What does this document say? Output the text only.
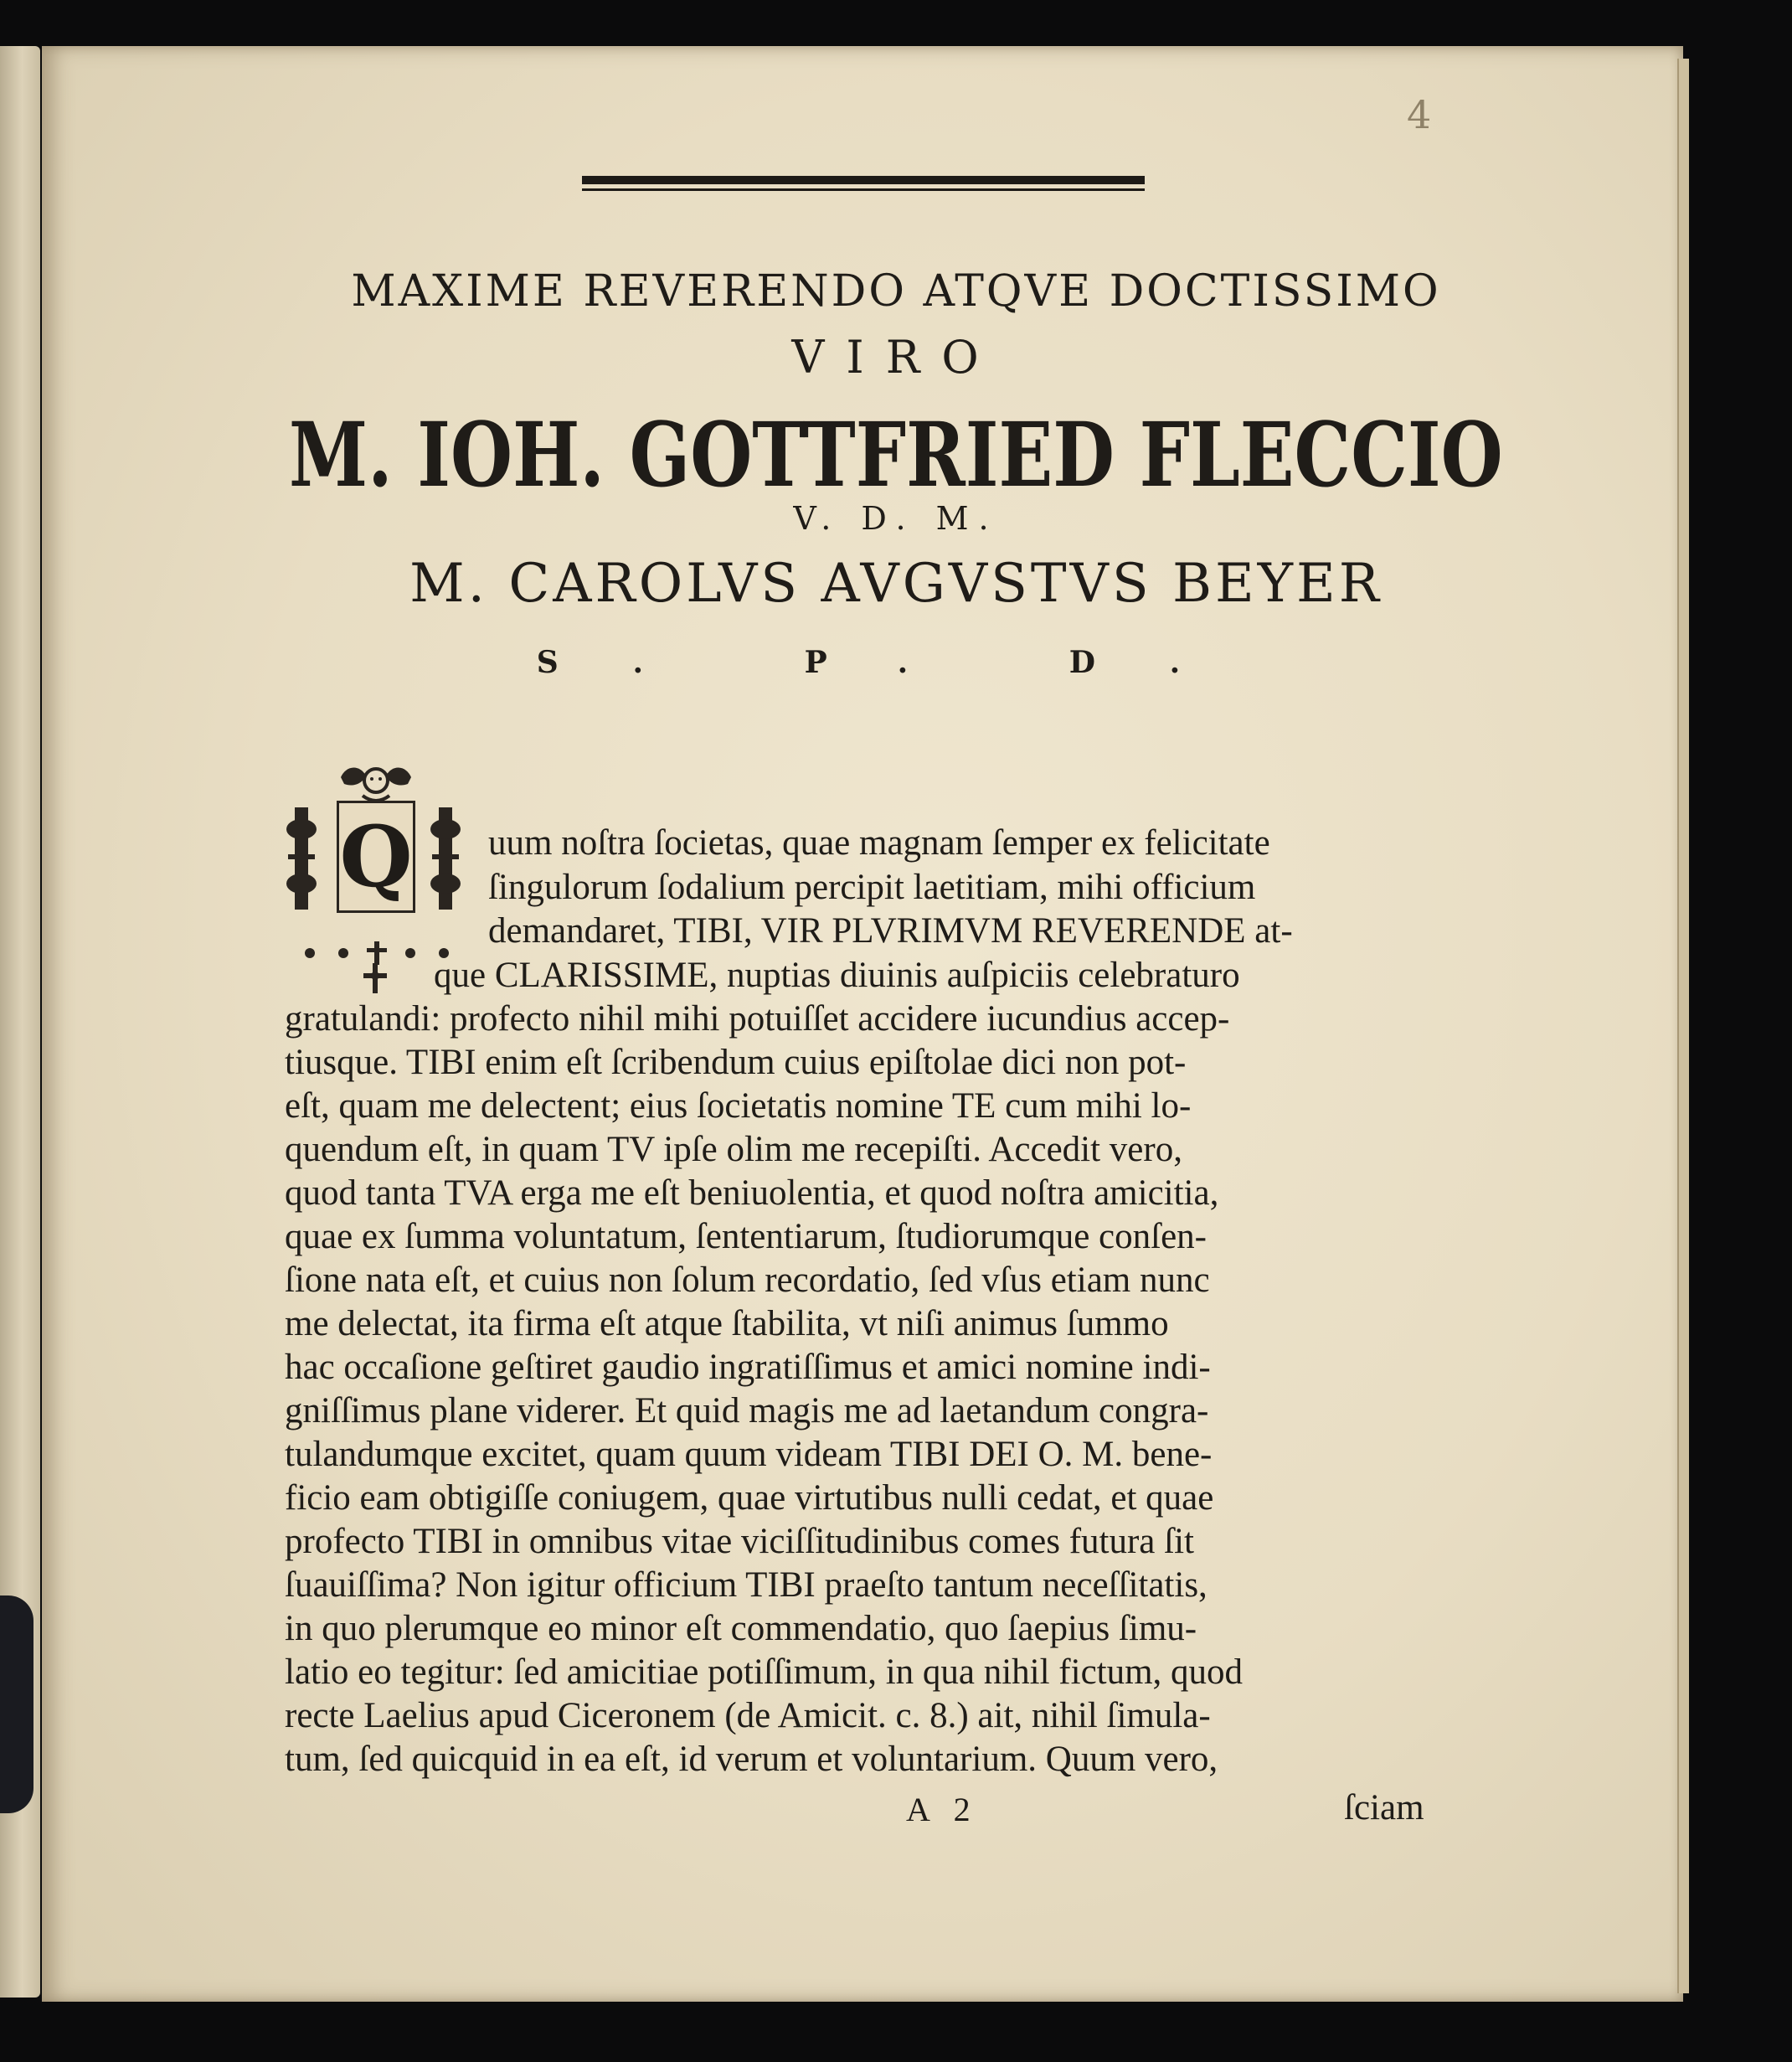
4
MAXIME REVERENDO ATQVE DOCTISSIMO
VIRO
M. IOH. GOTTFRIED FLECCIO
V. D. M.
M. CAROLVS AVGVSTVS BEYER
S. P. D.
Q uum noſtra ſocietas, quae magnam ſemper ex felicitate
ſingulorum ſodalium percipit laetitiam, mihi officium
demandaret, TIBI, VIR PLVRIMVM REVERENDE at-
que CLARISSIME, nuptias diuinis auſpiciis celebraturo
gratulandi: profecto nihil mihi potuiſſet accidere iucundius accep-
tiusque. TIBI enim eſt ſcribendum cuius epiſtolae dici non pot-
eſt, quam me delectent; eius ſocietatis nomine TE cum mihi lo-
quendum eſt, in quam TV ipſe olim me recepiſti. Accedit vero,
quod tanta TVA erga me eſt beniuolentia, et quod noſtra amicitia,
quae ex ſumma voluntatum, ſententiarum, ſtudiorumque conſen-
ſione nata eſt, et cuius non ſolum recordatio, ſed vſus etiam nunc
me delectat, ita firma eſt atque ſtabilita, vt niſi animus ſummo
hac occaſione geſtiret gaudio ingratiſſimus et amici nomine indi-
gniſſimus plane viderer. Et quid magis me ad laetandum congra-
tulandumque excitet, quam quum videam TIBI DEI O. M. bene-
ficio eam obtigiſſe coniugem, quae virtutibus nulli cedat, et quae
profecto TIBI in omnibus vitae viciſſitudinibus comes futura ſit
ſuauiſſima? Non igitur officium TIBI praeſto tantum neceſſitatis,
in quo plerumque eo minor eſt commendatio, quo ſaepius ſimu-
latio eo tegitur: ſed amicitiae potiſſimum, in qua nihil fictum, quod
recte Laelius apud Ciceronem (de Amicit. c. 8.) ait, nihil ſimula-
tum, ſed quicquid in ea eſt, id verum et voluntarium. Quum vero,
A 2	ſciam
